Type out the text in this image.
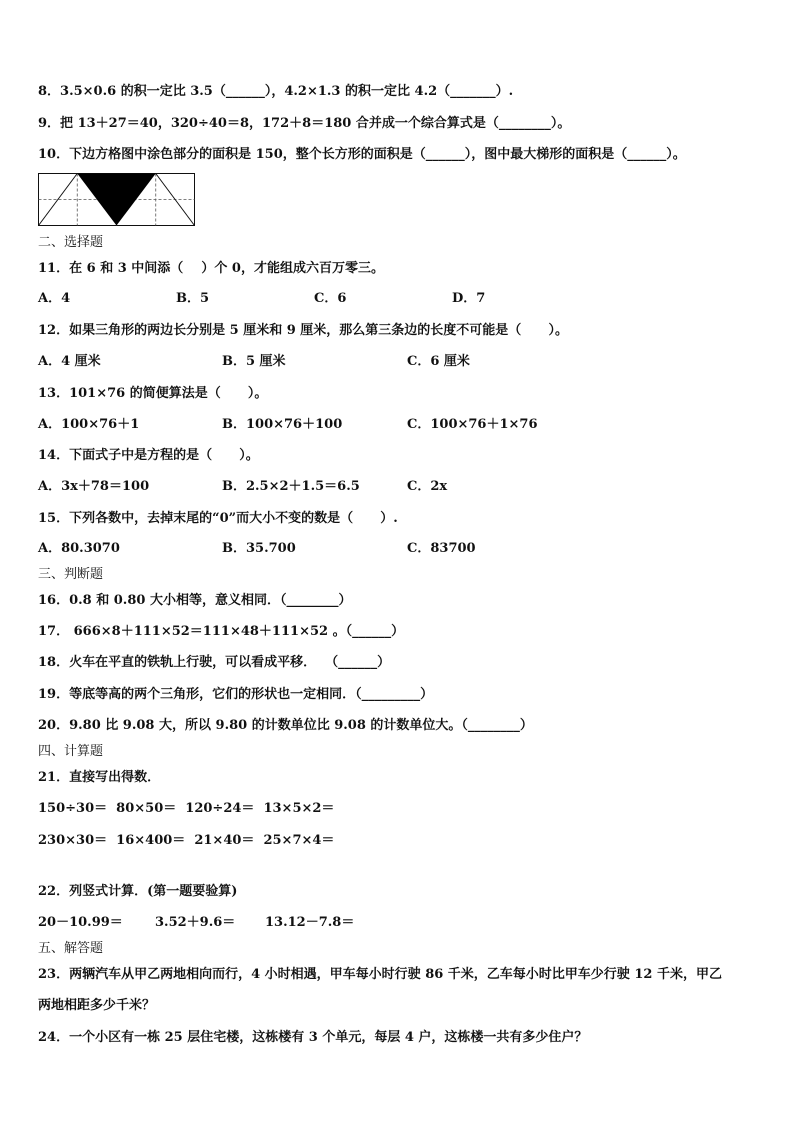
8．3.5×0.6 的积一定比 3.5（______），4.2×1.3 的积一定比 4.2（_______）.
9．把 13＋27＝40，320÷40＝8，172＋8＝180 合并成一个综合算式是（________）。
10．下边方格图中涂色部分的面积是 150，整个长方形的面积是（______），图中最大梯形的面积是（______）。
二、选择题
11．在 6 和 3 中间添（    ）个 0，才能组成六百万零三。
A．4	B．5	C．6	D．7
12．如果三角形的两边长分别是 5 厘米和 9 厘米，那么第三条边的长度不可能是（      ）。
A．4 厘米	B．5 厘米	C．6 厘米
13．101×76 的简便算法是（      ）。
A．100×76＋1	B．100×76＋100	C．100×76＋1×76
14．下面式子中是方程的是（      ）。
A．3x＋78＝100	B．2.5×2＋1.5＝6.5	C．2x
15．下列各数中，去掉末尾的“0”而大小不变的数是（      ）.
A．80.3070	B．35.700	C．83700
三、判断题
16．0.8 和 0.80 大小相等，意义相同．（________）
17． 666×8＋111×52＝111×48＋111×52 。（______）
18．火车在平直的铁轨上行驶，可以看成平移．  （______）
19．等底等高的两个三角形，它们的形状也一定相同．（_________）
20．9.80 比 9.08 大，所以 9.80 的计数单位比 9.08 的计数单位大。（________）
四、计算题
21．直接写出得数．
150÷30＝  80×50＝  120÷24＝  13×5×2＝
230×30＝  16×400＝  21×40＝  25×7×4＝
22．列竖式计算．(第一题要验算)
20－10.99＝ 3.52＋9.6＝ 13.12－7.8＝
五、解答题
23．两辆汽车从甲乙两地相向而行，4 小时相遇，甲车每小时行驶 86 千米，乙车每小时比甲车少行驶 12 千米，甲乙
两地相距多少千米？
24．一个小区有一栋 25 层住宅楼，这栋楼有 3 个单元，每层 4 户，这栋楼一共有多少住户？
